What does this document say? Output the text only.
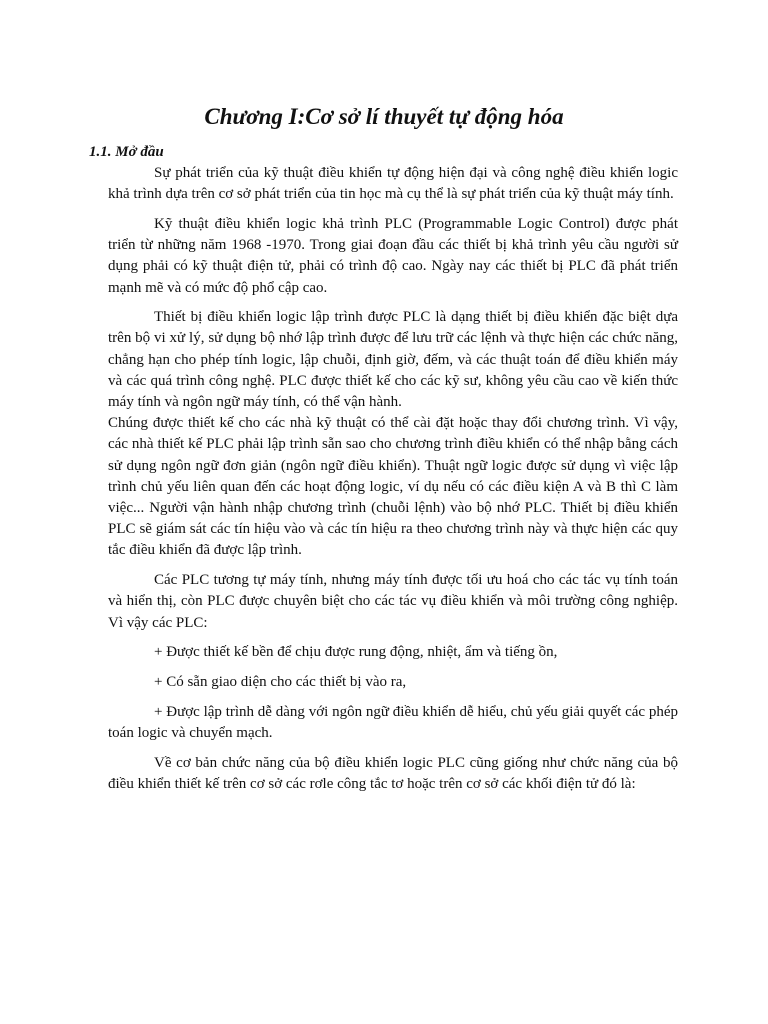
Chương I:Cơ sở lí thuyết tự động hóa
1.1. Mở đầu

Sự phát triển của kỹ thuật điều khiển tự động hiện đại và công nghệ điều khiển logic khả trình dựa trên cơ sở phát triển của tin học mà cụ thể là sự phát triển của kỹ thuật máy tính.

Kỹ thuật điều khiển logic khả trình PLC (Programmable Logic Control) được phát triển từ những năm 1968 -1970. Trong giai đoạn đầu các thiết bị khả trình yêu cầu người sử dụng phải có kỹ thuật điện tử, phải có trình độ cao. Ngày nay các thiết bị PLC đã phát triển mạnh mẽ và có mức độ phổ cập cao.

Thiết bị điều khiển logic lập trình được PLC là dạng thiết bị điều khiển đặc biệt dựa trên bộ vi xử lý, sử dụng bộ nhớ lập trình được để lưu trữ các lệnh và thực hiện các chức năng, chẳng hạn cho phép tính logic, lập chuỗi, định giờ, đếm, và các thuật toán để điều khiển máy và các quá trình công nghệ. PLC được thiết kế cho các kỹ sư, không yêu cầu cao về kiến thức máy tính và ngôn ngữ máy tính, có thể vận hành.

Chúng được thiết kế cho các nhà kỹ thuật có thể cài đặt hoặc thay đổi chương trình. Vì vậy, các nhà thiết kế PLC phải lập trình sẵn sao cho chương trình điều khiển có thể nhập bằng cách sử dụng ngôn ngữ đơn giản (ngôn ngữ điều khiển). Thuật ngữ logic được sử dụng vì việc lập trình chủ yếu liên quan đến các hoạt động logic, ví dụ nếu có các điều kiện A và B thì C làm việc... Người vận hành nhập chương trình (chuỗi lệnh) vào bộ nhớ PLC. Thiết bị điều khiển PLC sẽ giám sát các tín hiệu vào và các tín hiệu ra theo chương trình này và thực hiện các quy tắc điều khiển đã được lập trình.

Các PLC tương tự máy tính, nhưng máy tính được tối ưu hoá cho các tác vụ tính toán và hiển thị, còn PLC được chuyên biệt cho các tác vụ điều khiển và môi trường công nghiệp. Vì vậy các PLC:

+ Được thiết kế bền để chịu được rung động, nhiệt, ẩm và tiếng ồn,

+ Có sẵn giao diện cho các thiết bị vào ra,

+ Được lập trình dễ dàng với ngôn ngữ điều khiển dễ hiểu, chủ yếu giải quyết các phép toán logic và chuyển mạch.

Về cơ bản chức năng của bộ điều khiển logic PLC cũng giống như chức năng của bộ điều khiển thiết kế trên cơ sở các rơle công tắc tơ hoặc trên cơ sở các khối điện tử đó là:
